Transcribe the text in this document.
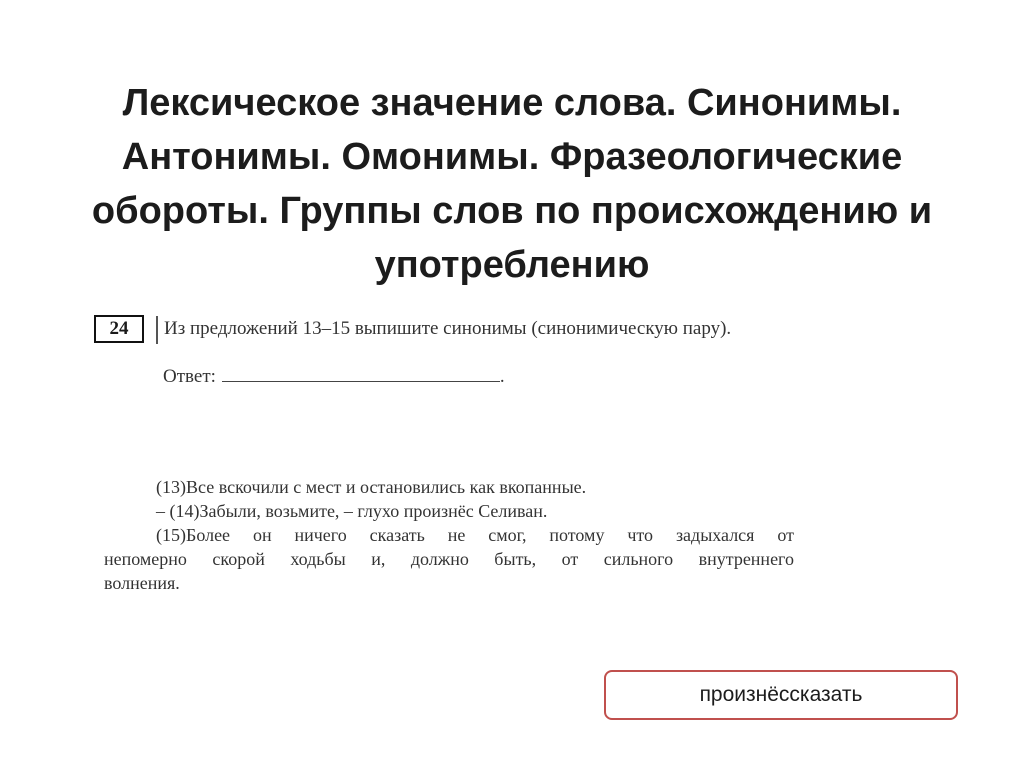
Лексическое значение слова. Синонимы.
Антонимы. Омонимы. Фразеологические
обороты. Группы слов по происхождению и
употреблению
24	Из предложений 13–15 выпишите синонимы (синонимическую пару).
Ответ:	.

(13)Все вскочили с мест и остановились как вкопанные.

– (14)Забыли, возьмите, – глухо произнёс Селиван.

(15)Более он ничего сказать не смог, потому что задыхался от

непомерно скорой ходьбы и, должно быть, от сильного внутреннего

волнения.

произнёссказать
